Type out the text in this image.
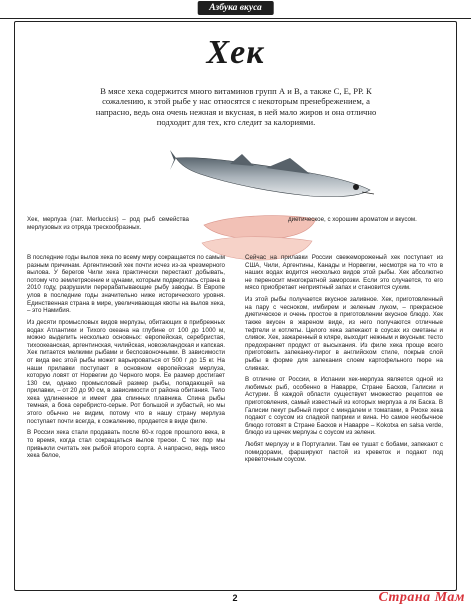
Азбука вкуса
Хек
В мясе хека содержится много витаминов групп А и В, а также С, Е, РР. К сожалению, к этой рыбе у нас относятся с некоторым пренебрежением, а напрасно, ведь она очень нежная и вкусная, в ней мало жиров и она отлично подходит для тех, кто следит за калориями.

Хек, мерлуза (лат. Merluccius) – род рыб семейства мерлузовых из отряда трескообразных.

В последние годы вылов хека по всему миру сокращается по самым разным причинам. Аргентинский хек почти исчез из-за чрезмерного вылова. У берегов Чили хека практически перестают добывать, потому что землетрясение и цунами, которым подверглась страна в 2010 году, разрушили перерабатывающие рыбу заводы. В Европе улов в последние годы значительно ниже исторического уровня. Единственная страна в мире, увеличивающая квоты на вылов хека, – это Намибия.

Из десяти промысловых видов мерлузы, обитающих в прибрежных водах Атлантики и Тихого океана на глубине от 100 до 1000 м, можно выделить несколько основных: европейская, серебристая, тихоокеанская, аргентинская, чилийская, новозеландская и капская. Хек питается мелкими рыбами и беспозвоночными. В зависимости от вида вес этой рыбы может варьироваться от 500 г до 15 кг. На наши прилавки поступает в основном европейская мерлуза, которую ловят от Норвегии до Черного моря. Ее размер достигает 130 см, однако промысловый размер рыбы, попадающей на прилавки, – от 20 до 90 см, в зависимости от района обитания. Тело хека удлиненное и имеет два спинных плавника. Спина рыбы темная, а бока серебристо-серые. Рот большой и зубастый, но мы этого обычно не видим, потому что в нашу страну мерлуза поступает почти всегда, к сожалению, продается в виде филе.

В России хека стали продавать после 60-х годов прошлого века, в то время, когда стал сокращаться вылов трески. С тех пор мы привыкли считать хек рыбой второго сорта. А напрасно, ведь мясо хека белое,

диетическое, с хорошим ароматом и вкусом.

Сейчас на прилавки России свежемороженый хек поступает из США, Чили, Аргентины, Канады и Норвегии, несмотря на то что в наших водах водится несколько видов этой рыбы. Хек абсолютно не переносит многократной заморозки. Если это случается, то его мясо приобретает неприятный запах и становится сухим.

Из этой рыбы получается вкусное заливное. Хек, приготовленный на пару с чесноком, имбирем и зеленым луком, – прекрасное диетическое и очень простое в приготовлении вкусное блюдо. Хек также вкусен в жареном виде, из него получаются отличные тефтели и котлеты. Целого хека запекают в соусах из сметаны и сливок. Хек, зажаренный в кляре, выходит нежным и вкусным: тесто предохраняет продукт от высыхания. Из филе хека проще всего приготовить запеканку-пирог в английском стиле, покрыв слой рыбы в форме для запекания слоем картофельного пюре на сливках.

В отличие от России, в Испании хек-мерлуза является одной из любимых рыб, особенно в Наварре, Стране Басков, Галисии и Астурии. В каждой области существует множество рецептов ее приготовления, самый известный из которых мерлуза а ля Баска. В Галисии пекут рыбный пирог с миндалем и томатами, в Риохе хека подают с соусом из сладкой паприки и вина. Но самое необычное блюдо готовят в Стране Басков и Наварре – Kokotxa en salsa verde, блюдо из щечек мерлузы с соусом из зелени.

Любят мерлузу и в Португалии. Там ее тушат с бобами, запекают с помидорами, фаршируют пастой из креветок и подают под креветочным соусом.

2	Страна Мам
